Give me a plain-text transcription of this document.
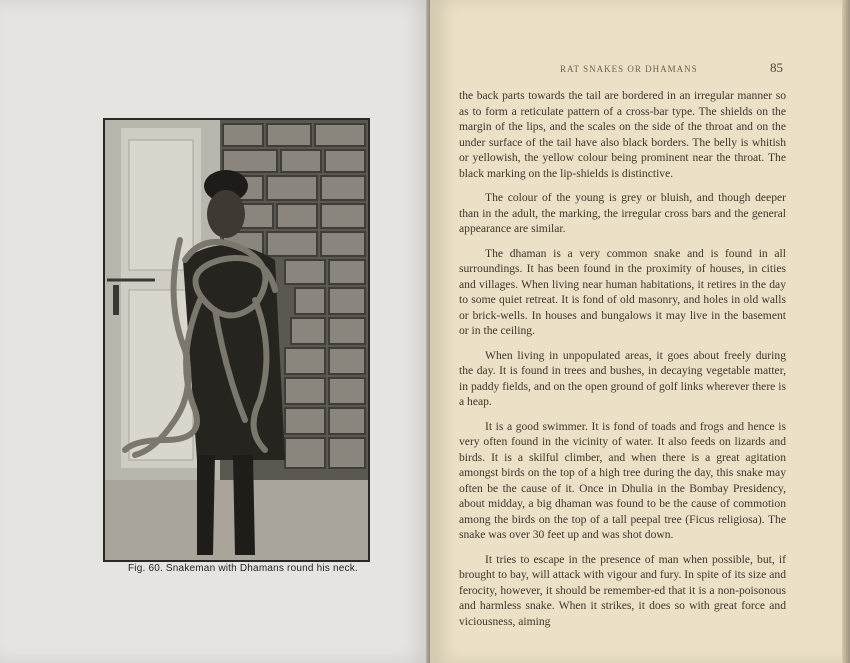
Fig. 60. Snakeman with Dhamans round his neck.
RAT SNAKES OR DHAMANS	85

the back parts towards the tail are bordered in an irregular manner so as to form a reticulate pattern of a cross-bar type. The shields on the margin of the lips, and the scales on the side of the throat and on the under surface of the tail have also black borders. The belly is whitish or yellowish, the yellow colour being prominent near the throat. The black marking on the lip-shields is distinctive.

The colour of the young is grey or bluish, and though deeper than in the adult, the marking, the irregular cross bars and the general appearance are similar.

The dhaman is a very common snake and is found in all surroundings. It has been found in the proximity of houses, in cities and villages. When living near human habitations, it retires in the day to some quiet retreat. It is fond of old masonry, and holes in old walls or brick-wells. In houses and bungalows it may live in the basement or in the ceiling.

When living in unpopulated areas, it goes about freely during the day. It is found in trees and bushes, in decaying vegetable matter, in paddy fields, and on the open ground of golf links wherever there is a heap.

It is a good swimmer. It is fond of toads and frogs and hence is very often found in the vicinity of water. It also feeds on lizards and birds. It is a skilful climber, and when there is a great agitation amongst birds on the top of a high tree during the day, this snake may often be the cause of it. Once in Dhulia in the Bombay Presidency, about midday, a big dhaman was found to be the cause of commotion among the birds on the top of a tall peepal tree (Ficus religiosa). The snake was over 30 feet up and was shot down.

It tries to escape in the presence of man when possible, but, if brought to bay, will attack with vigour and fury. In spite of its size and ferocity, however, it should be remember-ed that it is a non-poisonous and harmless snake. When it strikes, it does so with great force and viciousness, aiming
